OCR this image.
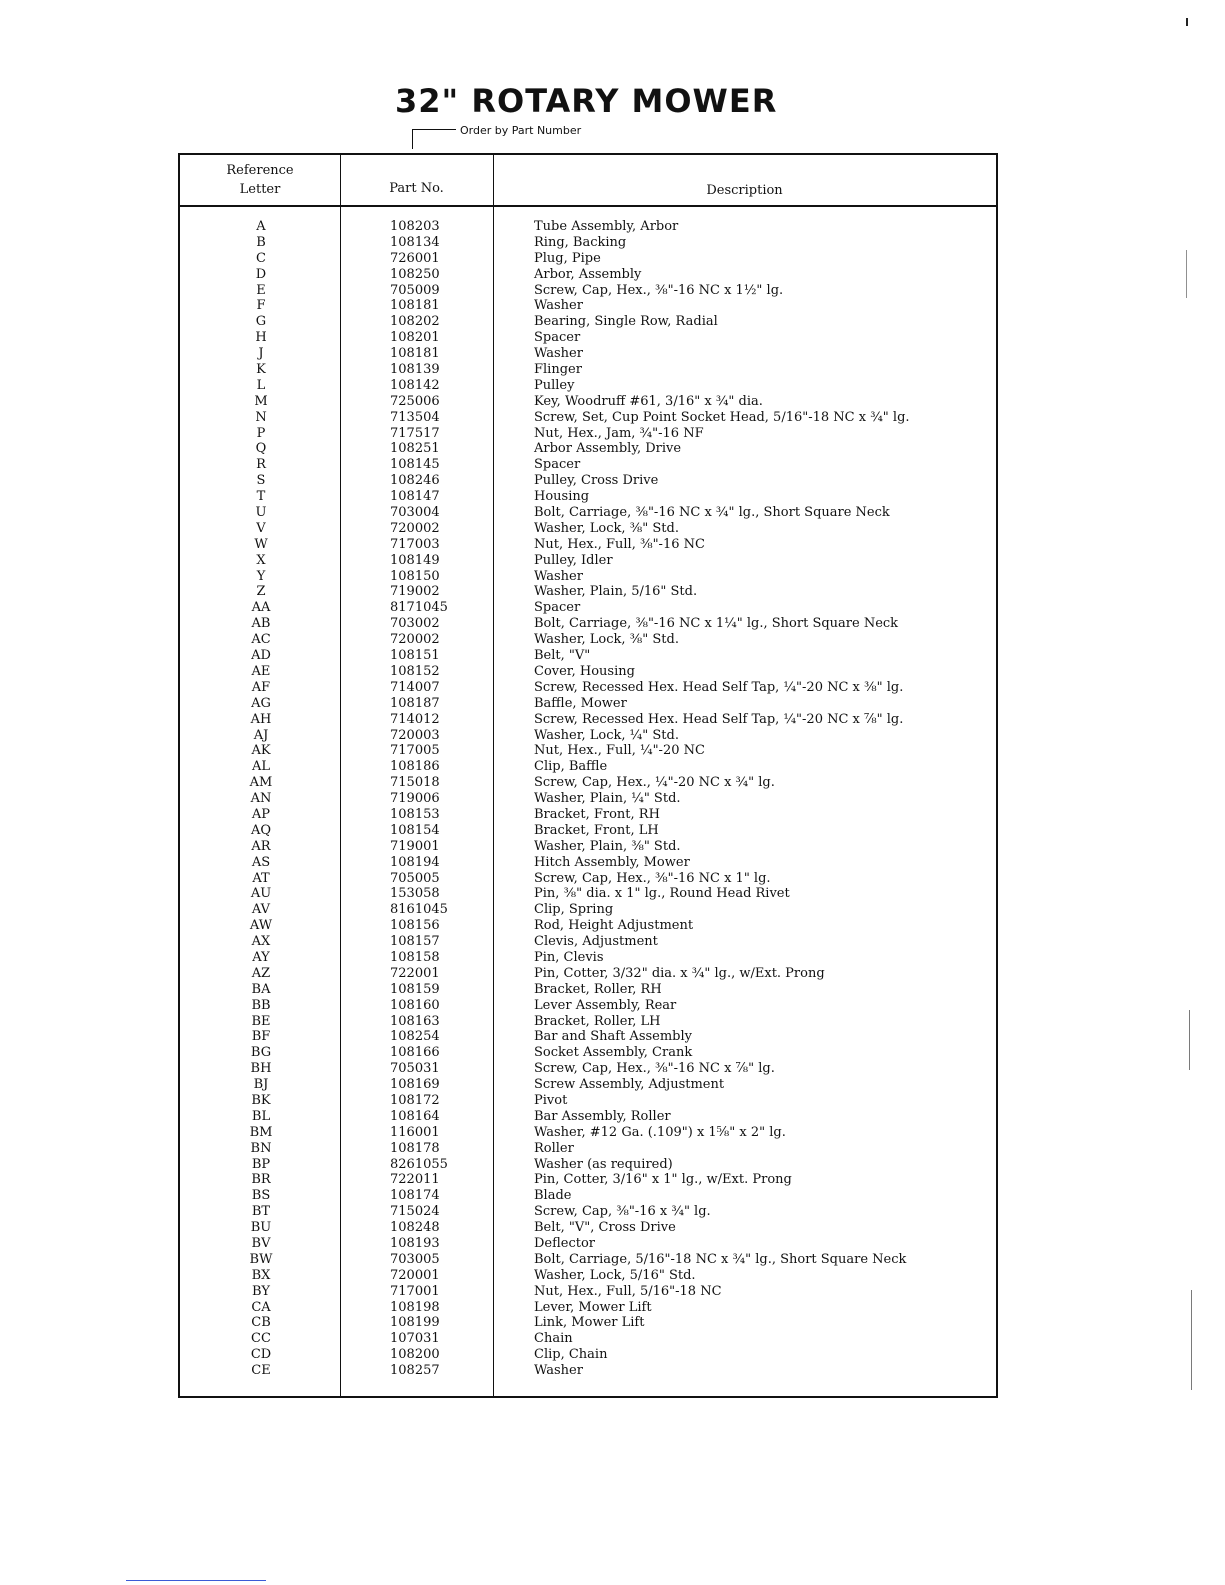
32" ROTARY MOWER
Order by Part Number
Reference
Letter	Part No.	Description
A	108203	Tube Assembly, Arbor
B	108134	Ring, Backing
C	726001	Plug, Pipe
D	108250	Arbor, Assembly
E	705009	Screw, Cap, Hex., ⅜"-16 NC x 1½" lg.
F	108181	Washer
G	108202	Bearing, Single Row, Radial
H	108201	Spacer
J	108181	Washer
K	108139	Flinger
L	108142	Pulley
M	725006	Key, Woodruff #61, 3/16" x ¾" dia.
N	713504	Screw, Set, Cup Point Socket Head, 5/16"-18 NC x ¾" lg.
P	717517	Nut, Hex., Jam, ¾"-16 NF
Q	108251	Arbor Assembly, Drive
R	108145	Spacer
S	108246	Pulley, Cross Drive
T	108147	Housing
U	703004	Bolt, Carriage, ⅜"-16 NC x ¾" lg., Short Square Neck
V	720002	Washer, Lock, ⅜" Std.
W	717003	Nut, Hex., Full, ⅜"-16 NC
X	108149	Pulley, Idler
Y	108150	Washer
Z	719002	Washer, Plain, 5/16" Std.
AA	8171045	Spacer
AB	703002	Bolt, Carriage, ⅜"-16 NC x 1¼" lg., Short Square Neck
AC	720002	Washer, Lock, ⅜" Std.
AD	108151	Belt, "V"
AE	108152	Cover, Housing
AF	714007	Screw, Recessed Hex. Head Self Tap, ¼"-20 NC x ⅜" lg.
AG	108187	Baffle, Mower
AH	714012	Screw, Recessed Hex. Head Self Tap, ¼"-20 NC x ⅞" lg.
AJ	720003	Washer, Lock, ¼" Std.
AK	717005	Nut, Hex., Full, ¼"-20 NC
AL	108186	Clip, Baffle
AM	715018	Screw, Cap, Hex., ¼"-20 NC x ¾" lg.
AN	719006	Washer, Plain, ¼" Std.
AP	108153	Bracket, Front, RH
AQ	108154	Bracket, Front, LH
AR	719001	Washer, Plain, ⅜" Std.
AS	108194	Hitch Assembly, Mower
AT	705005	Screw, Cap, Hex., ⅜"-16 NC x 1" lg.
AU	153058	Pin, ⅜" dia. x 1" lg., Round Head Rivet
AV	8161045	Clip, Spring
AW	108156	Rod, Height Adjustment
AX	108157	Clevis, Adjustment
AY	108158	Pin, Clevis
AZ	722001	Pin, Cotter, 3/32" dia. x ¾" lg., w/Ext. Prong
BA	108159	Bracket, Roller, RH
BB	108160	Lever Assembly, Rear
BE	108163	Bracket, Roller, LH
BF	108254	Bar and Shaft Assembly
BG	108166	Socket Assembly, Crank
BH	705031	Screw, Cap, Hex., ⅜"-16 NC x ⅞" lg.
BJ	108169	Screw Assembly, Adjustment
BK	108172	Pivot
BL	108164	Bar Assembly, Roller
BM	116001	Washer, #12 Ga. (.109") x 1⅝" x 2" lg.
BN	108178	Roller
BP	8261055	Washer (as required)
BR	722011	Pin, Cotter, 3/16" x 1" lg., w/Ext. Prong
BS	108174	Blade
BT	715024	Screw, Cap, ⅜"-16 x ¾" lg.
BU	108248	Belt, "V", Cross Drive
BV	108193	Deflector
BW	703005	Bolt, Carriage, 5/16"-18 NC x ¾" lg., Short Square Neck
BX	720001	Washer, Lock, 5/16" Std.
BY	717001	Nut, Hex., Full, 5/16"-18 NC
CA	108198	Lever, Mower Lift
CB	108199	Link, Mower Lift
CC	107031	Chain
CD	108200	Clip, Chain
CE	108257	Washer
